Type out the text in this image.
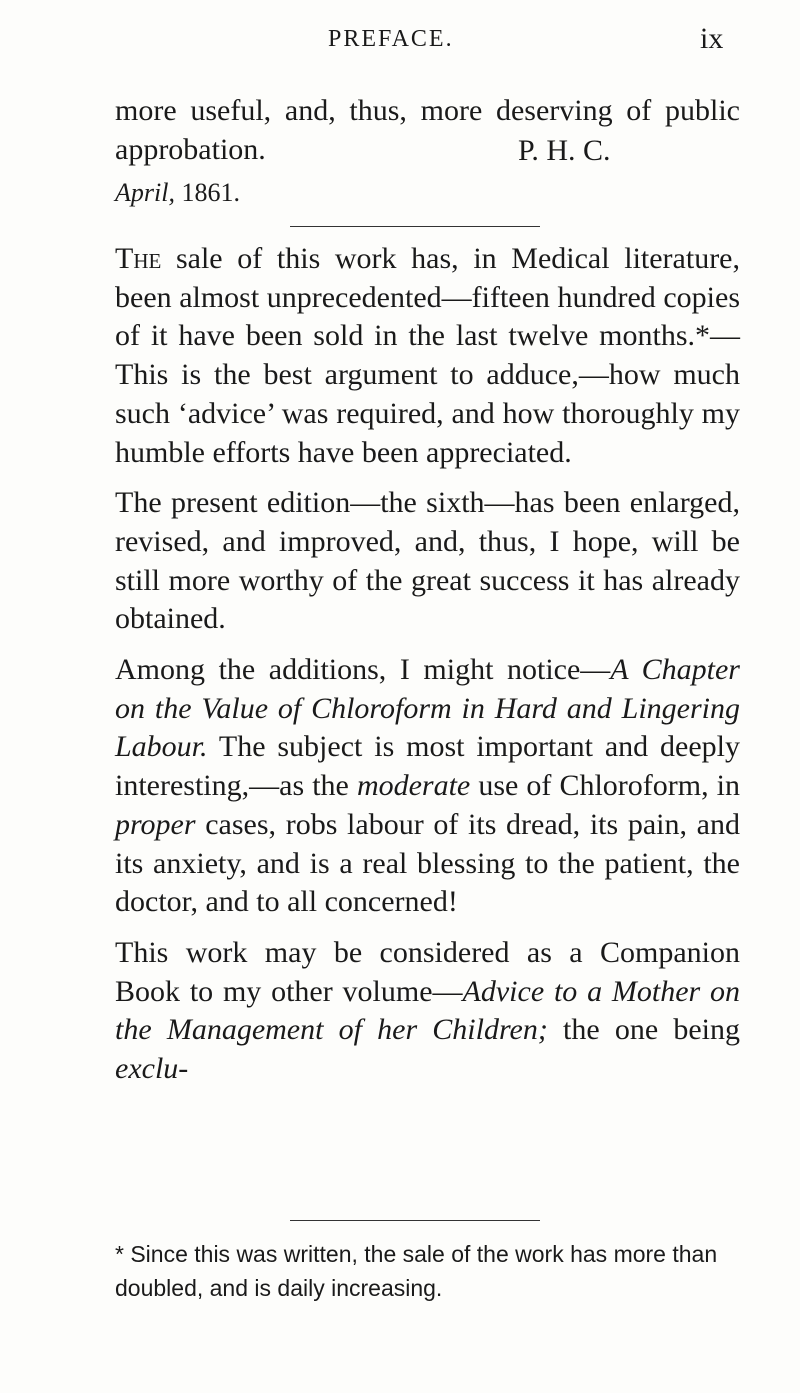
PREFACE.	ix

more useful, and, thus, more deserving of public approbation.	P. H. C.
April, 1861.

The sale of this work has, in Medical literature, been almost unprecedented—fifteen hundred copies of it have been sold in the last twelve months.*— This is the best argument to adduce,—how much such ‘advice’ was required, and how thoroughly my humble efforts have been appreciated.

The present edition—the sixth—has been enlarged, revised, and improved, and, thus, I hope, will be still more worthy of the great success it has already obtained.

Among the additions, I might notice—A Chapter on the Value of Chloroform in Hard and Lingering Labour. The subject is most important and deeply interesting,—as the moderate use of Chloroform, in proper cases, robs labour of its dread, its pain, and its anxiety, and is a real blessing to the patient, the doctor, and to all concerned!

This work may be considered as a Companion Book to my other volume—Advice to a Mother on the Management of her Children; the one being exclu-

* Since this was written, the sale of the work has more than doubled, and is daily increasing.
